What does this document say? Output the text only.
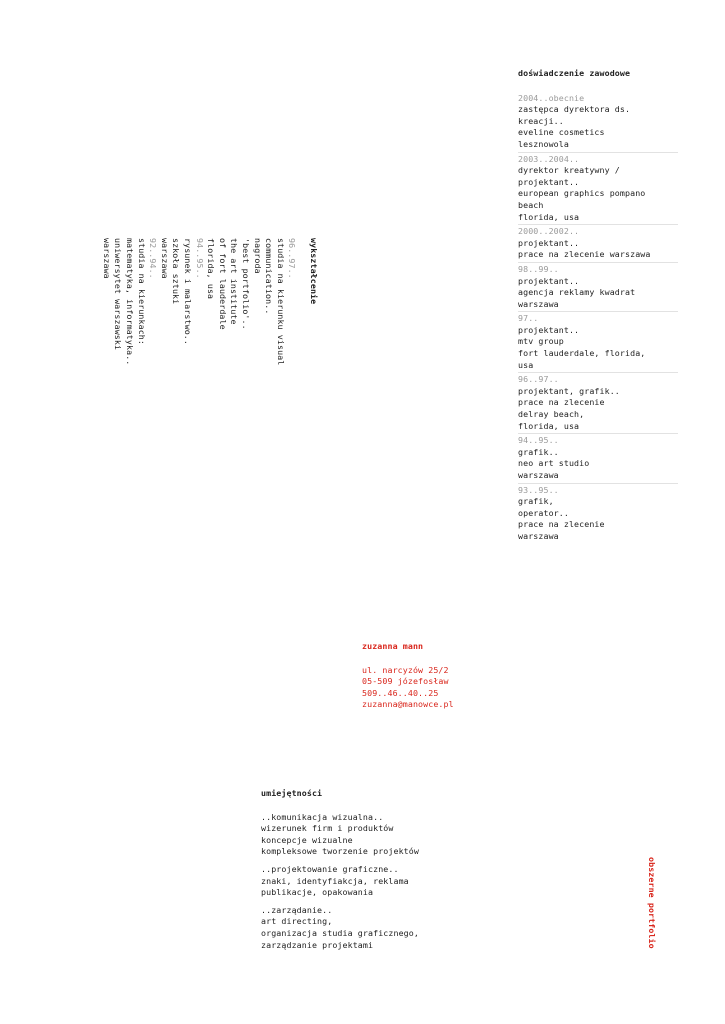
doświadczenie zawodowe
2004..obecnie
zastępca dyrektora ds.
kreacji..
eveline cosmetics
lesznowola
2003..2004..
dyrektor kreatywny /
projektant..
european graphics pompano
beach
florida, usa
2000..2002..
projektant..
prace na zlecenie warszawa
98..99..
projektant..
agencja reklamy kwadrat
warszawa
97..
projektant..
mtv group
fort lauderdale, florida,
usa
96..97..
projektant, grafik..
prace na zlecenie
delray beach,
florida, usa
94..95..
grafik..
neo art studio
warszawa
93..95..
grafik,
operator..
prace na zlecenie
warszawa
wykształcenie
96..97..
studia na kierunku visual
communication..
nagroda
'best portfolio'..
the art institute
of fort lauderdale
florida, usa
94..95..
rysunek i malarstwo..
szkoła sztuki
warszawa
92..94..
studia na kierunkach:
matematyka, informatyka..
uniwersytet warszawski
warszawa
zuzanna mann
ul. narcyzów 25/2
05-509 józefosław
509..46..40..25
zuzanna@manowce.pl
umiejętności
..komunikacja wizualna..
wizerunek firm i produktów
koncepcje wizualne
kompleksowe tworzenie projektów
..projektowanie graficzne..
znaki, identyfiakcja, reklama
publikacje, opakowania
..zarządanie..
art directing,
organizacja studia graficznego,
zarządzanie projektami	obszerne portfolio
